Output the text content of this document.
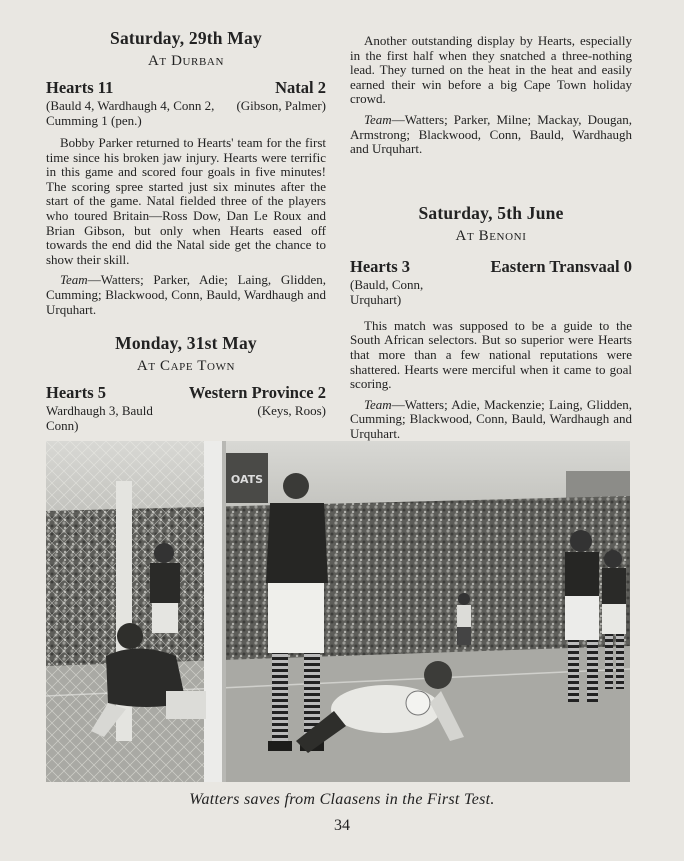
Saturday, 29th May

At Durban

Hearts 11	Natal 2
(Bauld 4, Wardhaugh 4, Conn 2, Cumming 1 (pen.)
(Gibson, Palmer)

Bobby Parker returned to Hearts' team for the first time since his broken jaw injury. Hearts were terrific in this game and scored four goals in five minutes! The scoring spree started just six minutes after the start of the game. Natal fielded three of the players who toured Britain—Ross Dow, Dan Le Roux and Brian Gibson, but only when Hearts eased off towards the end did the Natal side get the chance to show their skill.

Team—Watters; Parker, Adie; Laing, Glidden, Cumming; Blackwood, Conn, Bauld, Wardhaugh and Urquhart.

Monday, 31st May

At Cape Town

Hearts 5	Western Province 2
Wardhaugh 3, Bauld Conn)
(Keys, Roos)

Another outstanding display by Hearts, especially in the first half when they snatched a three-nothing lead. They turned on the heat in the heat and easily earned their win before a big Cape Town holiday crowd.

Team—Watters; Parker, Milne; Mackay, Dougan, Armstrong; Blackwood, Conn, Bauld, Wardhaugh and Urquhart.

Saturday, 5th June

At Benoni

Hearts 3	Eastern Transvaal 0
(Bauld, Conn, Urquhart)

This match was supposed to be a guide to the South African selectors. But so superior were Hearts that more than a few national reputations were shattered. Hearts were merciful when it came to goal scoring.

Team—Watters; Adie, Mackenzie; Laing, Glidden, Cumming; Blackwood, Conn, Bauld, Wardhaugh and Urquhart.

OATS
Watters saves from Claasens in the First Test.
34
